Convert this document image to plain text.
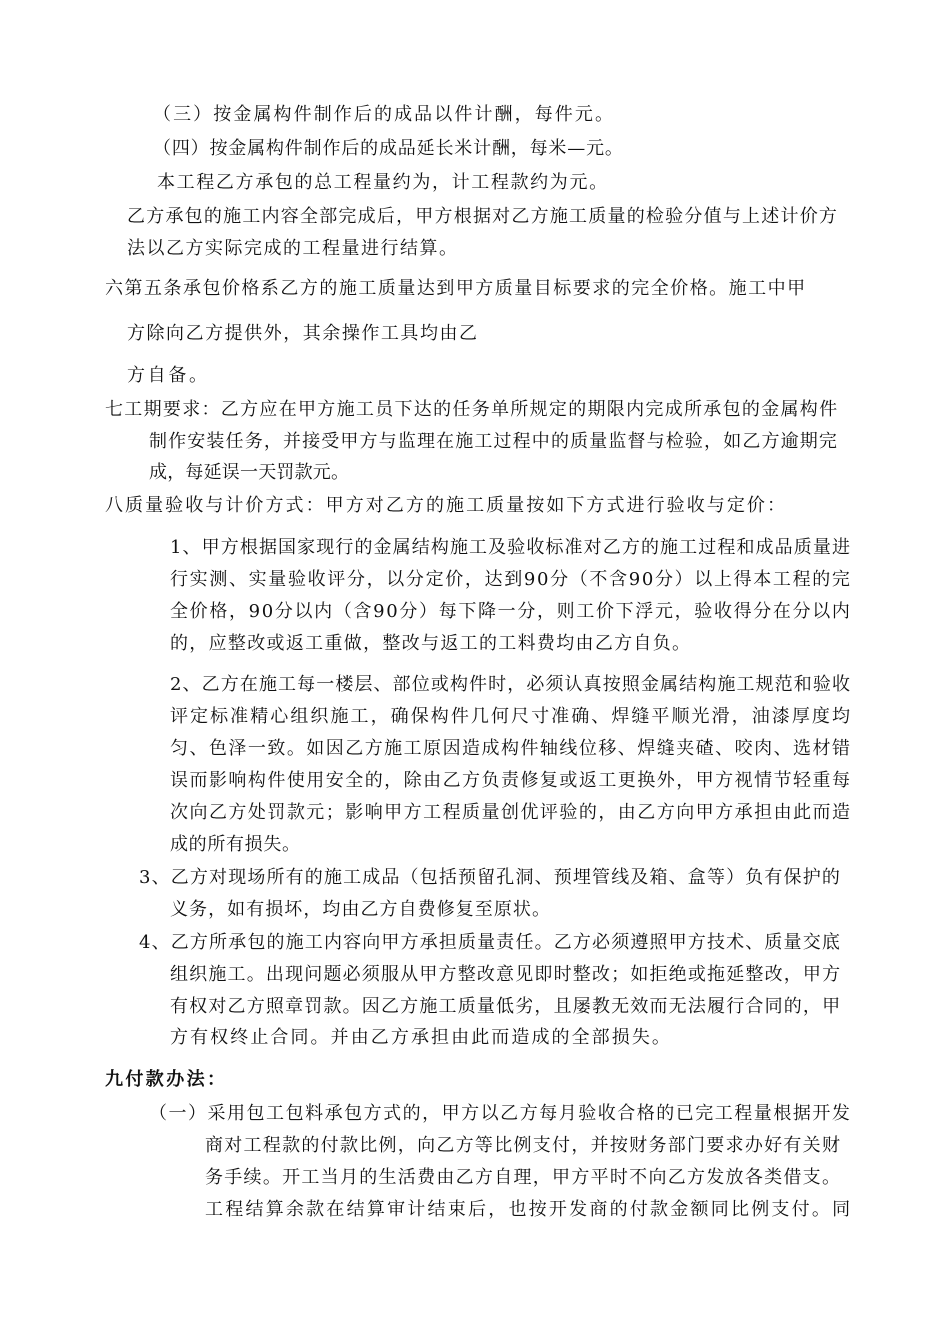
（三）按金属构件制作后的成品以件计酬，每件元。
（四）按金属构件制作后的成品延长米计酬，每米—元。
本工程乙方承包的总工程量约为，计工程款约为元。
乙方承包的施工内容全部完成后，甲方根据对乙方施工质量的检验分值与上述计价方
法以乙方实际完成的工程量进行结算。
六第五条承包价格系乙方的施工质量达到甲方质量目标要求的完全价格。施工中甲
方除向乙方提供外，其余操作工具均由乙
方自备。
七工期要求：乙方应在甲方施工员下达的任务单所规定的期限内完成所承包的金属构件
制作安装任务，并接受甲方与监理在施工过程中的质量监督与检验，如乙方逾期完
成，每延误一天罚款元。
八质量验收与计价方式：甲方对乙方的施工质量按如下方式进行验收与定价：
1、甲方根据国家现行的金属结构施工及验收标准对乙方的施工过程和成品质量进
行实测、实量验收评分，以分定价，达到90分（不含90分）以上得本工程的完
全价格，90分以内（含90分）每下降一分，则工价下浮元，验收得分在分以内
的，应整改或返工重做，整改与返工的工料费均由乙方自负。
2、乙方在施工每一楼层、部位或构件时，必须认真按照金属结构施工规范和验收
评定标准精心组织施工，确保构件几何尺寸准确、焊缝平顺光滑，油漆厚度均
匀、色泽一致。如因乙方施工原因造成构件轴线位移、焊缝夹碴、咬肉、选材错
误而影响构件使用安全的，除由乙方负责修复或返工更换外，甲方视情节轻重每
次向乙方处罚款元；影响甲方工程质量创优评验的，由乙方向甲方承担由此而造
成的所有损失。
3、乙方对现场所有的施工成品（包括预留孔洞、预埋管线及箱、盒等）负有保护的
义务，如有损坏，均由乙方自费修复至原状。
4、乙方所承包的施工内容向甲方承担质量责任。乙方必须遵照甲方技术、质量交底
组织施工。出现问题必须服从甲方整改意见即时整改；如拒绝或拖延整改，甲方
有权对乙方照章罚款。因乙方施工质量低劣，且屡教无效而无法履行合同的，甲
方有权终止合同。并由乙方承担由此而造成的全部损失。
九付款办法：
（一）采用包工包料承包方式的，甲方以乙方每月验收合格的已完工程量根据开发
商对工程款的付款比例，向乙方等比例支付，并按财务部门要求办好有关财
务手续。开工当月的生活费由乙方自理，甲方平时不向乙方发放各类借支。
工程结算余款在结算审计结束后，也按开发商的付款金额同比例支付。同
